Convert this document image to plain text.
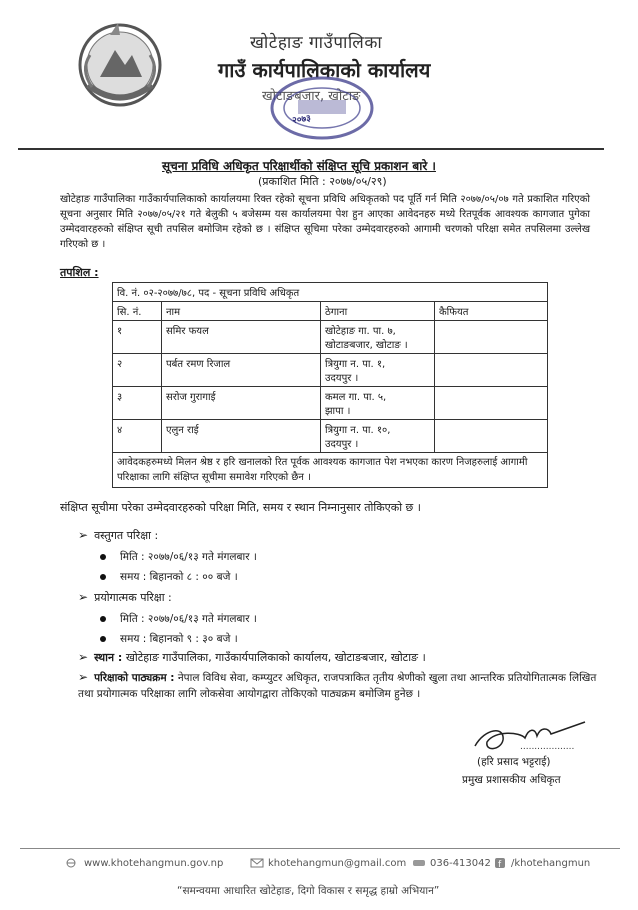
खोटेहाङ गाउँपालिका
गाउँ कार्यपालिकाको कार्यालय
खोटाङबजार, खोटाङ
२०७३
सूचना प्रविधि अधिकृत परिक्षार्थीको संक्षिप्त सूचि प्रकाशन बारे ।
(प्रकाशित मिति : २०७७/०५/२९)
खोटेहाङ गाउँपालिका गाउँकार्यपालिकाको कार्यालयमा रिक्त रहेको सूचना प्रविधि अधिकृतको पद पूर्ति गर्न मिति २०७७/०५/०७ गते प्रकाशित गरिएको सूचना अनुसार मिति २०७७/०५/२१ गते बेलुकी ५ बजेसम्म यस कार्यालयमा पेश हुन आएका आवेदनहरु मध्ये रितपूर्वक आवश्यक कागजात पुगेका उम्मेदवारहरुको संक्षिप्त सूची तपसिल बमोजिम रहेको छ । संक्षिप्त सूचिमा परेका उम्मेदवारहरुको आगामी चरणको परिक्षा समेत तपसिलमा उल्लेख गरिएको छ ।
तपशिल :
वि. नं. ०२-२०७७/७८, पद - सूचना प्रविधि अधिकृत			
सि. नं.	नाम	ठेगाना	कैफियत
१	समिर फयल	खोटेहाङ गा. पा. ७,
खोटाङबजार, खोटाङ ।	
२	पर्बत रमण रिजाल	त्रियुगा न. पा. १,
उदयपुर ।	
३	सरोज गुरागाई	कमल गा. पा. ५,
झापा ।	
४	एलुन राई	त्रियुगा न. पा. १०,
उदयपुर ।	
आवेदकहरुमध्ये मिलन श्रेष्ठ र हरि खनालको रित पूर्वक आवश्यक कागजात पेश नभएका कारण निजहरुलाई आगामी परिक्षाका लागि संक्षिप्त सूचीमा समावेश गरिएको छैन ।			
संक्षिप्त सूचीमा परेका उम्मेदवारहरुको परिक्षा मिति, समय र स्थान निम्नानुसार तोकिएको छ ।
➢ वस्तुगत परिक्षा :
मिति : २०७७/०६/१३ गते मंगलबार ।
समय : बिहानको ८ : ०० बजे ।
➢ प्रयोगात्मक परिक्षा :
मिति : २०७७/०६/१३ गते मंगलबार ।
समय : बिहानको ९ : ३० बजे ।
➢ स्थान : खोटेहाङ गाउँपालिका, गाउँकार्यपालिकाको कार्यालय, खोटाङबजार, खोटाङ ।
➢ परिक्षाको पाठ्यक्रम : नेपाल विविध सेवा, कम्प्युटर अधिकृत, राजपत्राकित तृतीय श्रेणीको खुला तथा आन्तरिक प्रतियोगितात्मक लिखित तथा प्रयोगात्मक परिक्षाका लागि लोकसेवा आयोगद्वारा तोकिएको पाठ्यक्रम बमोजिम हुनेछ ।
...................
(हरि प्रसाद भट्टराई)
प्रमुख प्रशासकीय अधिकृत
www.khotehangmun.gov.np	khotehangmun@gmail.com	036-413042 f /khotehangmun
“समन्वयमा आधारित खोटेहाङ, दिगो विकास र समृद्ध हाम्रो अभियान”
